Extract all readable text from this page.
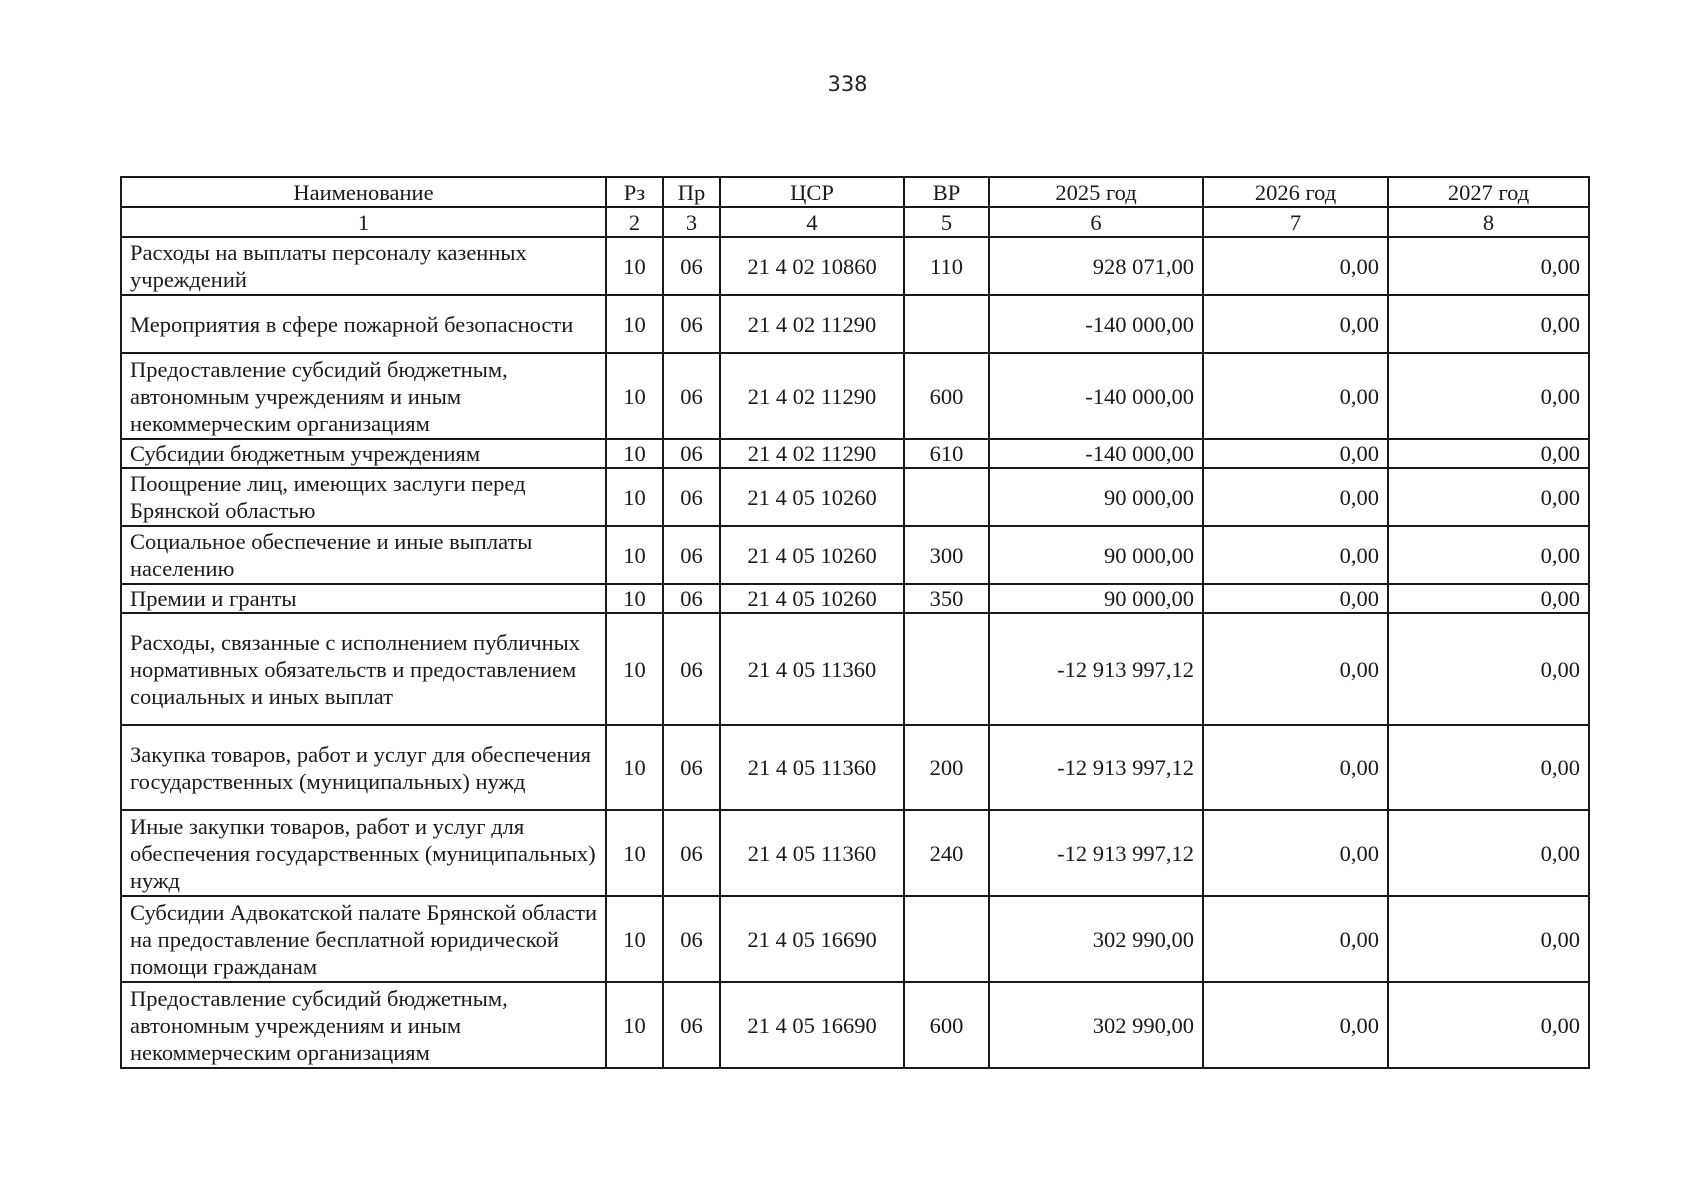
338
Наименование	Рз	Пр	ЦСР	ВР	2025 год	2026 год	2027 год
1	2	3	4	5	6	7	8
Расходы на выплаты персоналу казенных учреждений	10	06	21 4 02 10860	110	928 071,00	0,00	0,00
Мероприятия в сфере пожарной безопасности	10	06	21 4 02 11290		-140 000,00	0,00	0,00
Предоставление субсидий бюджетным, автономным учреждениям и иным некоммерческим организациям	10	06	21 4 02 11290	600	-140 000,00	0,00	0,00
Субсидии бюджетным учреждениям	10	06	21 4 02 11290	610	-140 000,00	0,00	0,00
Поощрение лиц, имеющих заслуги перед Брянской областью	10	06	21 4 05 10260		90 000,00	0,00	0,00
Социальное обеспечение и иные выплаты населению	10	06	21 4 05 10260	300	90 000,00	0,00	0,00
Премии и гранты	10	06	21 4 05 10260	350	90 000,00	0,00	0,00
Расходы, связанные с исполнением публичных нормативных обязательств и предоставлением социальных и иных выплат	10	06	21 4 05 11360		-12 913 997,12	0,00	0,00
Закупка товаров, работ и услуг для обеспечения государственных (муниципальных) нужд	10	06	21 4 05 11360	200	-12 913 997,12	0,00	0,00
Иные закупки товаров, работ и услуг для обеспечения государственных (муниципальных) нужд	10	06	21 4 05 11360	240	-12 913 997,12	0,00	0,00
Субсидии Адвокатской палате Брянской области на предоставление бесплатной юридической помощи гражданам	10	06	21 4 05 16690		302 990,00	0,00	0,00
Предоставление субсидий бюджетным, автономным учреждениям и иным некоммерческим организациям	10	06	21 4 05 16690	600	302 990,00	0,00	0,00
